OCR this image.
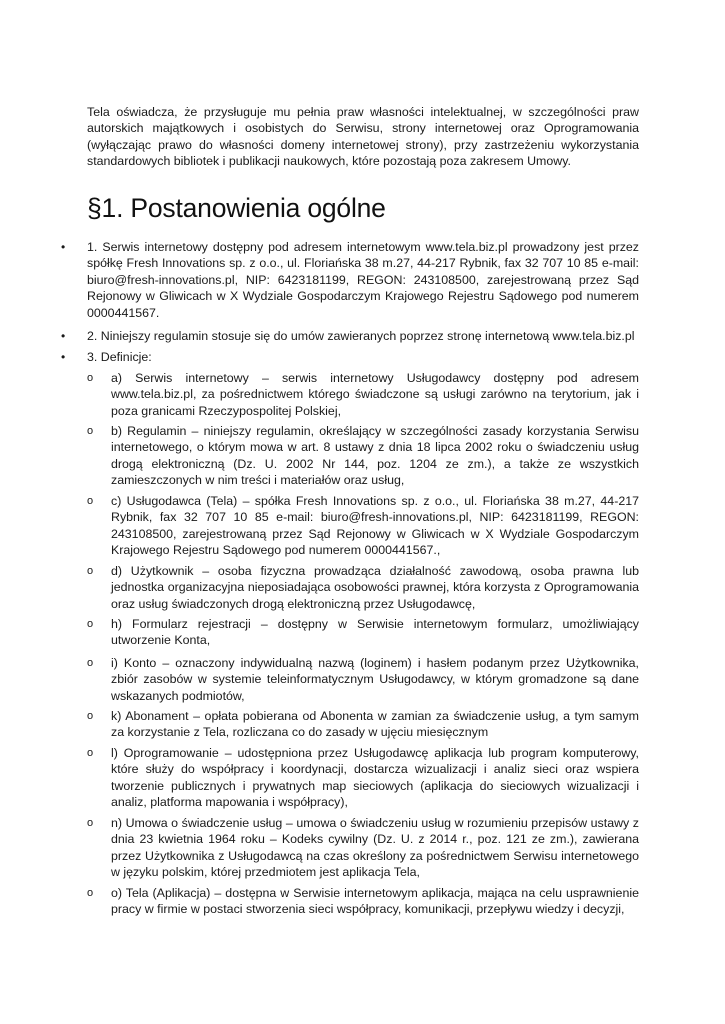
Tela oświadcza, że przysługuje mu pełnia praw własności intelektualnej, w szczególności praw autorskich majątkowych i osobistych do Serwisu, strony internetowej oraz Oprogramowania (wyłączając prawo do własności domeny internetowej strony), przy zastrzeżeniu wykorzystania standardowych bibliotek i publikacji naukowych, które pozostają poza zakresem Umowy.
§1. Postanowienia ogólne
• 1. Serwis internetowy dostępny pod adresem internetowym www.tela.biz.pl prowadzony jest przez spółkę Fresh Innovations sp. z o.o., ul. Floriańska 38 m.27, 44-217 Rybnik, fax 32 707 10 85 e-mail: biuro@fresh-innovations.pl, NIP: 6423181199, REGON: 243108500, zarejestrowaną przez Sąd Rejonowy w Gliwicach w X Wydziale Gospodarczym Krajowego Rejestru Sądowego pod numerem 0000441567.
• 2. Niniejszy regulamin stosuje się do umów zawieranych poprzez stronę internetową www.tela.biz.pl
• 3. Definicje:
o a) Serwis internetowy – serwis internetowy Usługodawcy dostępny pod adresem www.tela.biz.pl, za pośrednictwem którego świadczone są usługi zarówno na terytorium, jak i poza granicami Rzeczypospolitej Polskiej,
o b) Regulamin – niniejszy regulamin, określający w szczególności zasady korzystania Serwisu internetowego, o którym mowa w art. 8 ustawy z dnia 18 lipca 2002 roku o świadczeniu usług drogą elektroniczną (Dz. U. 2002 Nr 144, poz. 1204 ze zm.), a także ze wszystkich zamieszczonych w nim treści i materiałów oraz usług,
o c) Usługodawca (Tela) – spółka Fresh Innovations sp. z o.o., ul. Floriańska 38 m.27, 44-217 Rybnik, fax 32 707 10 85 e-mail: biuro@fresh-innovations.pl, NIP: 6423181199, REGON: 243108500, zarejestrowaną przez Sąd Rejonowy w Gliwicach w X Wydziale Gospodarczym Krajowego Rejestru Sądowego pod numerem 0000441567.,
o d) Użytkownik – osoba fizyczna prowadząca działalność zawodową, osoba prawna lub jednostka organizacyjna nieposiadająca osobowości prawnej, która korzysta z Oprogramowania oraz usług świadczonych drogą elektroniczną przez Usługodawcę,
o h) Formularz rejestracji – dostępny w Serwisie internetowym formularz, umożliwiający utworzenie Konta,
o i) Konto – oznaczony indywidualną nazwą (loginem) i hasłem podanym przez Użytkownika, zbiór zasobów w systemie teleinformatycznym Usługodawcy, w którym gromadzone są dane wskazanych podmiotów,
o k) Abonament – opłata pobierana od Abonenta w zamian za świadczenie usług, a tym samym za korzystanie z Tela, rozliczana co do zasady w ujęciu miesięcznym
o l) Oprogramowanie – udostępniona przez Usługodawcę aplikacja lub program komputerowy, które służy do współpracy i koordynacji, dostarcza wizualizacji i analiz sieci oraz wspiera tworzenie publicznych i prywatnych map sieciowych (aplikacja do sieciowych wizualizacji i analiz, platforma mapowania i współpracy),
o n) Umowa o świadczenie usług – umowa o świadczeniu usług w rozumieniu przepisów ustawy z dnia 23 kwietnia 1964 roku – Kodeks cywilny (Dz. U. z 2014 r., poz. 121 ze zm.), zawierana przez Użytkownika z Usługodawcą na czas określony za pośrednictwem Serwisu internetowego w języku polskim, której przedmiotem jest aplikacja Tela,
o o) Tela (Aplikacja) – dostępna w Serwisie internetowym aplikacja, mająca na celu usprawnienie pracy w firmie w postaci stworzenia sieci współpracy, komunikacji, przepływu wiedzy i decyzji,
